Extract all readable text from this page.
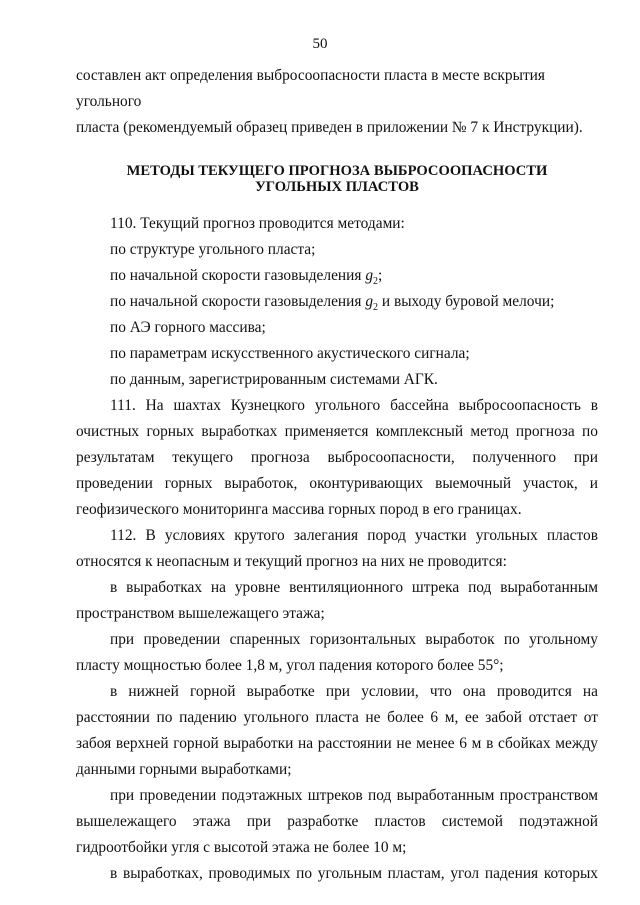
50

составлен акт определения выбросоопасности пласта в месте вскрытия угольного
пласта (рекомендуемый образец приведен в приложении № 7 к Инструкции).

МЕТОДЫ ТЕКУЩЕГО ПРОГНОЗА ВЫБРОСООПАСНОСТИ
УГОЛЬНЫХ ПЛАСТОВ

110. Текущий прогноз проводится методами:

по структуре угольного пласта;

по начальной скорости газовыделения $g_2$;

по начальной скорости газовыделения $g_2$ и выходу буровой мелочи;

по АЭ горного массива;

по параметрам искусственного акустического сигнала;

по данным, зарегистрированным системами АГК.

111. На шахтах Кузнецкого угольного бассейна выбросоопасность в очистных горных выработках применяется комплексный метод прогноза по результатам текущего прогноза выбросоопасности, полученного при проведении горных выработок, оконтуривающих выемочный участок, и геофизического мониторинга массива горных пород в его границах.

112. В условиях крутого залегания пород участки угольных пластов относятся к неопасным и текущий прогноз на них не проводится:

в выработках на уровне вентиляционного штрека под выработанным пространством вышележащего этажа;

при проведении спаренных горизонтальных выработок по угольному пласту мощностью более 1,8 м, угол падения которого более 55°;

в нижней горной выработке при условии, что она проводится на расстоянии по падению угольного пласта не более 6 м, ее забой отстает от забоя верхней горной выработки на расстоянии не менее 6 м в сбойках между данными горными выработками;

при проведении подэтажных штреков под выработанным пространством вышележащего этажа при разработке пластов системой подэтажной гидроотбойки угля с высотой этажа не более 10 м;

в выработках, проводимых по угольным пластам, угол падения которых
